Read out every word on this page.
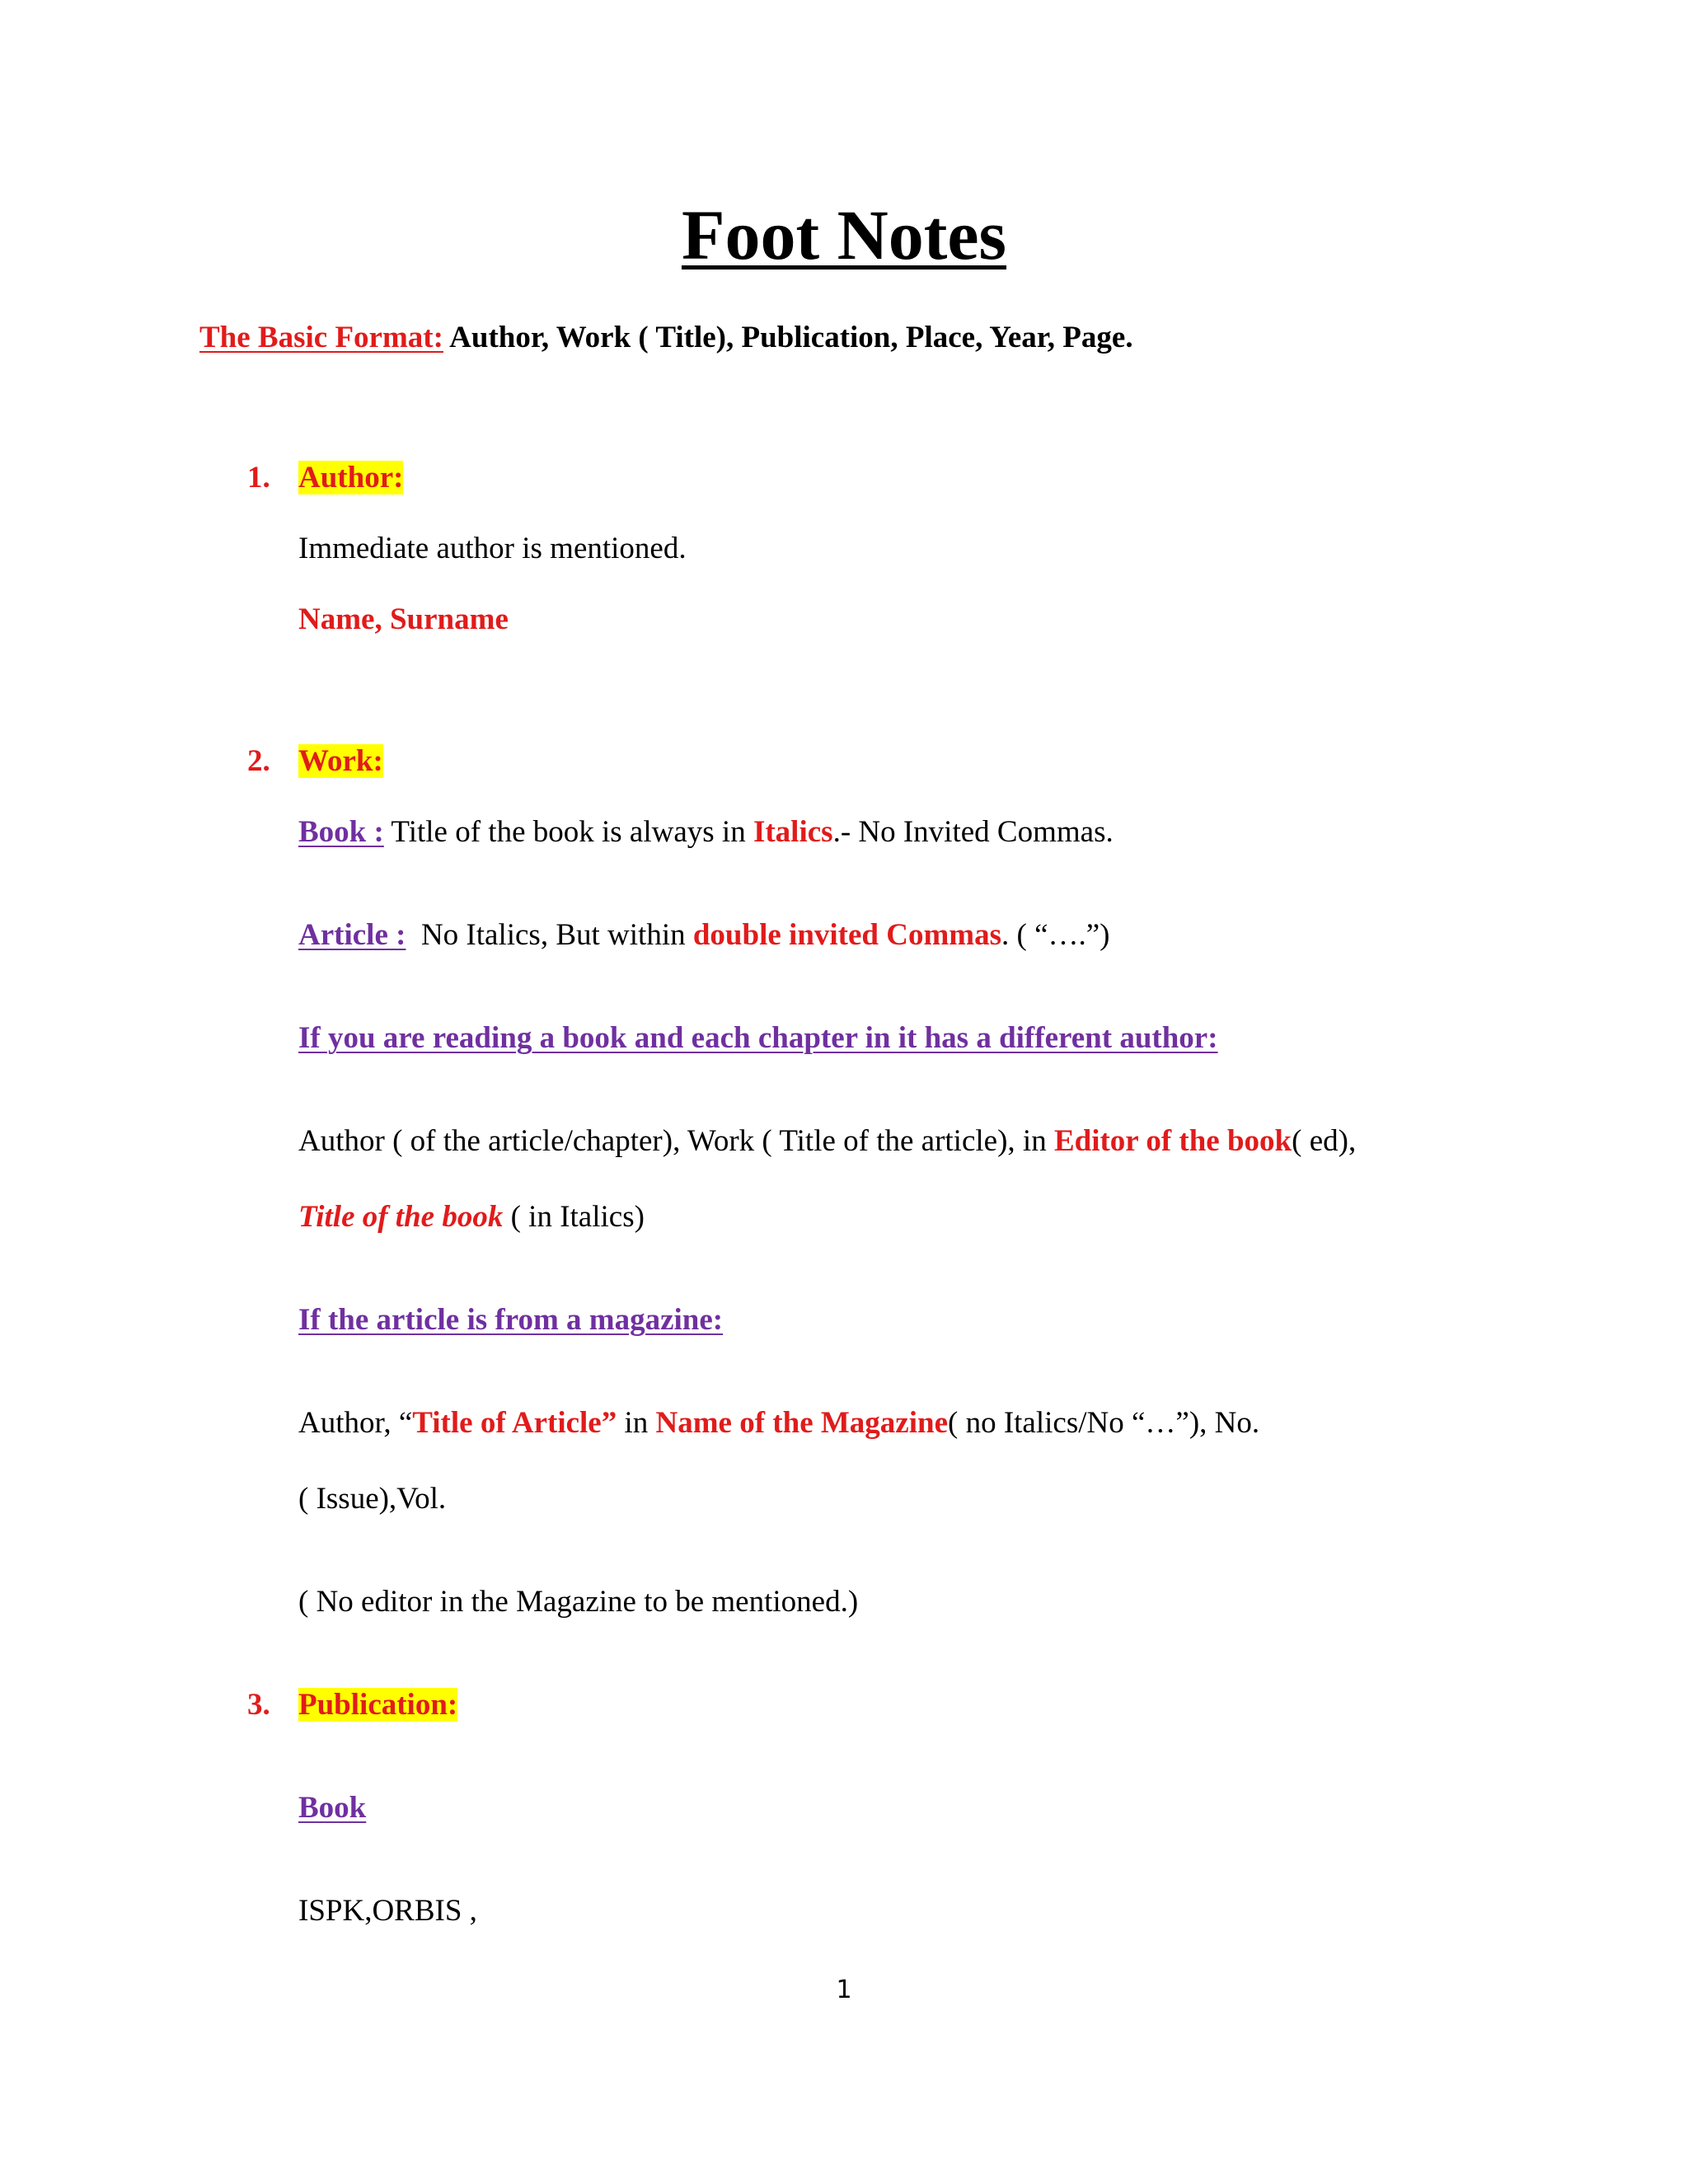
Foot Notes
The Basic Format: Author, Work ( Title), Publication, Place, Year, Page.
1. Author:
Immediate author is mentioned.
Name, Surname
2. Work:
Book : Title of the book is always in Italics.- No Invited Commas.
Article :  No Italics, But within double invited Commas. ( “….”)
If you are reading a book and each chapter in it has a different author:
Author ( of the article/chapter), Work ( Title of the article), in Editor of the book( ed),
Title of the book ( in Italics)
If the article is from a magazine:
Author, “Title of Article” in Name of the Magazine( no Italics/No “…”), No.
( Issue),Vol.
( No editor in the Magazine to be mentioned.)
3. Publication:
Book
ISPK,ORBIS ,
1
